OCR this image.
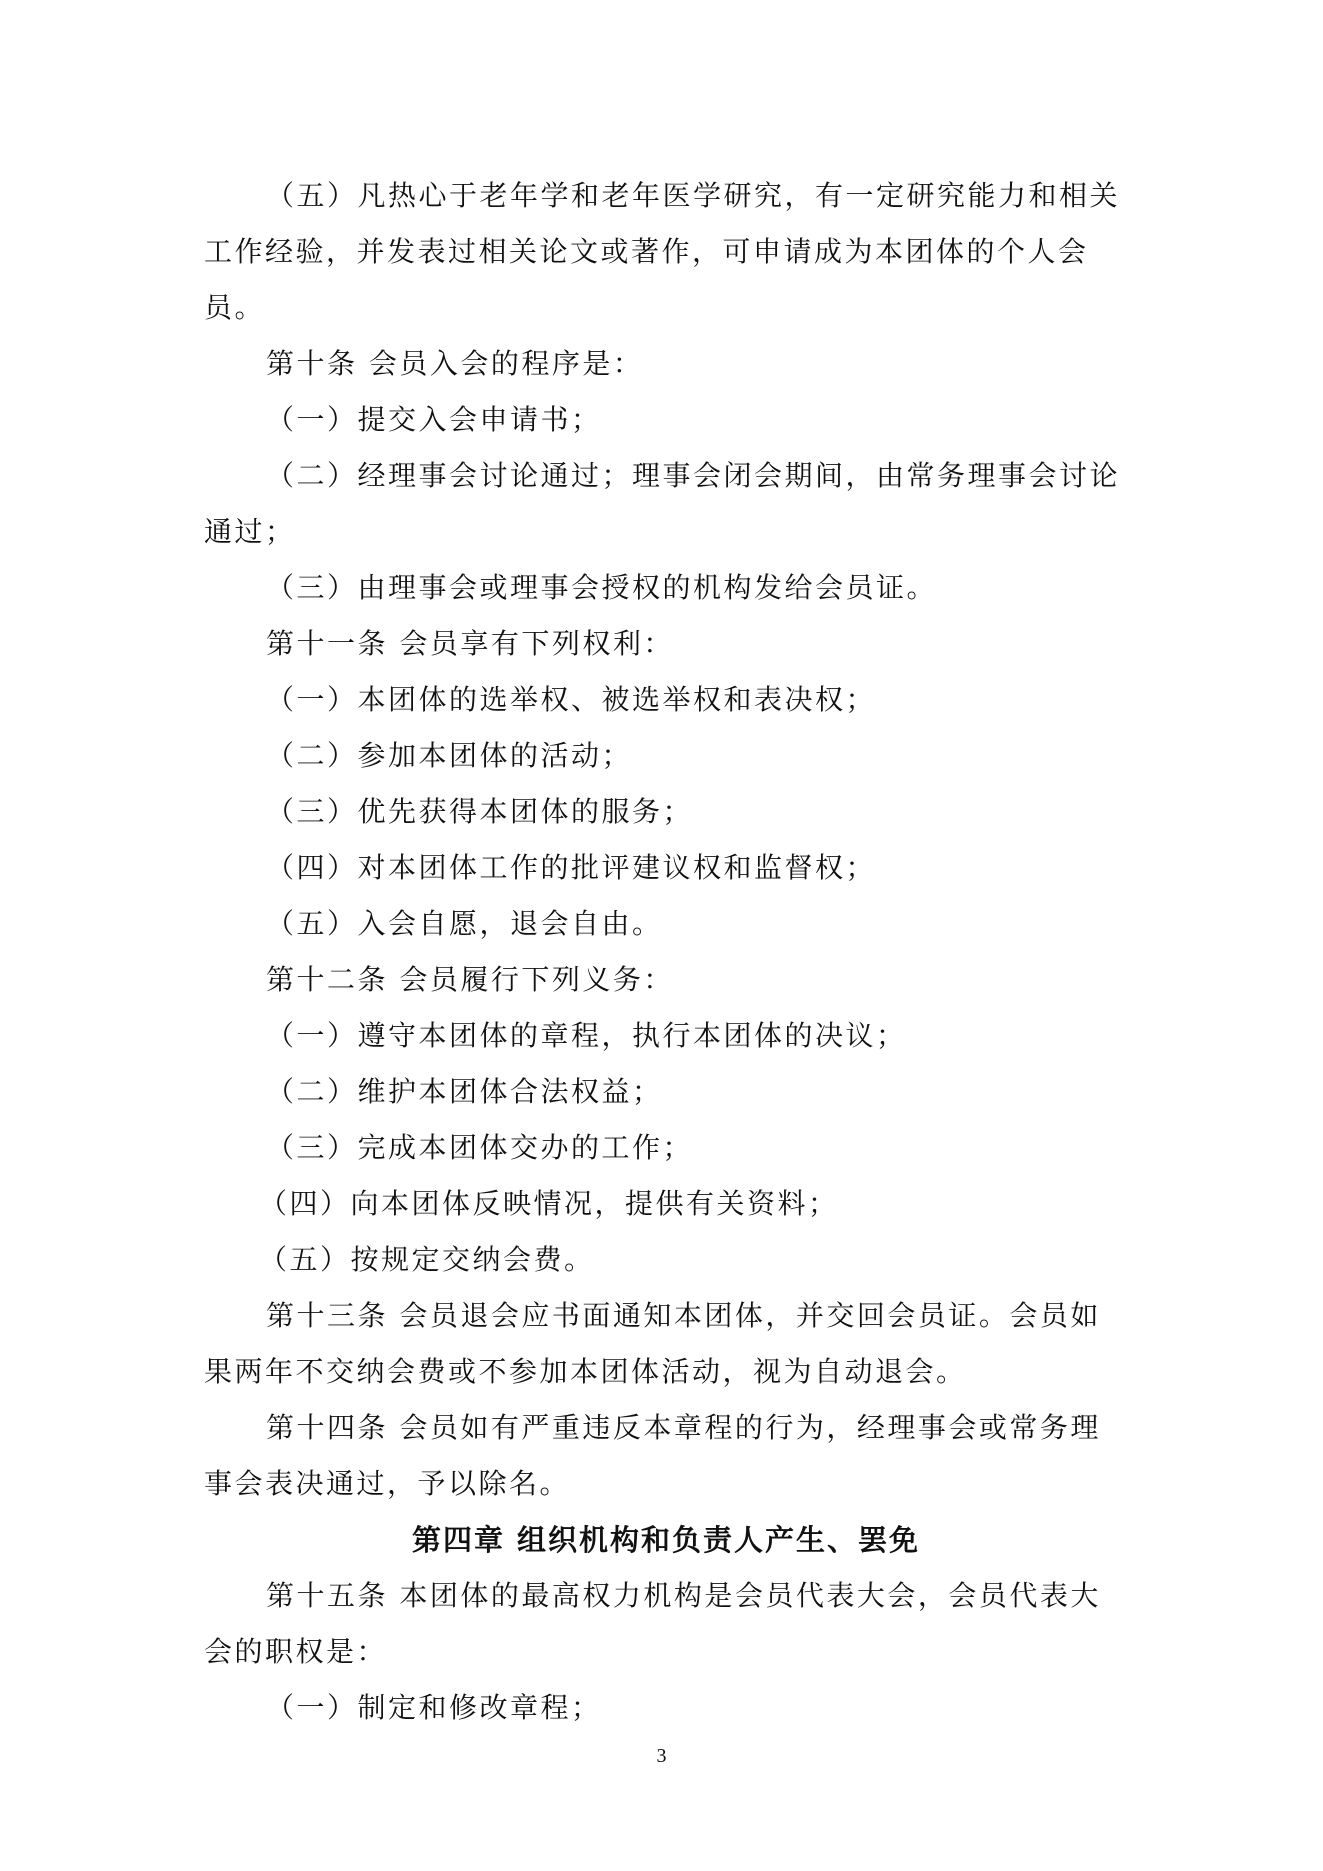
（五）凡热心于老年学和老年医学研究，有一定研究能力和相关工作经验，并发表过相关论文或著作，可申请成为本团体的个人会员。

第十条 会员入会的程序是：

（一）提交入会申请书；

（二）经理事会讨论通过；理事会闭会期间，由常务理事会讨论通过；

（三）由理事会或理事会授权的机构发给会员证。

第十一条 会员享有下列权利：

（一）本团体的选举权、被选举权和表决权；

（二）参加本团体的活动；

（三）优先获得本团体的服务；

（四）对本团体工作的批评建议权和监督权；

（五）入会自愿，退会自由。

第十二条 会员履行下列义务：

（一）遵守本团体的章程，执行本团体的决议；

（二）维护本团体合法权益；

（三）完成本团体交办的工作；

（四）向本团体反映情况，提供有关资料；

（五）按规定交纳会费。

第十三条 会员退会应书面通知本团体，并交回会员证。会员如果两年不交纳会费或不参加本团体活动，视为自动退会。

第十四条 会员如有严重违反本章程的行为，经理事会或常务理事会表决通过，予以除名。

第四章 组织机构和负责人产生、罢免

第十五条 本团体的最高权力机构是会员代表大会，会员代表大会的职权是：

（一）制定和修改章程；

3
